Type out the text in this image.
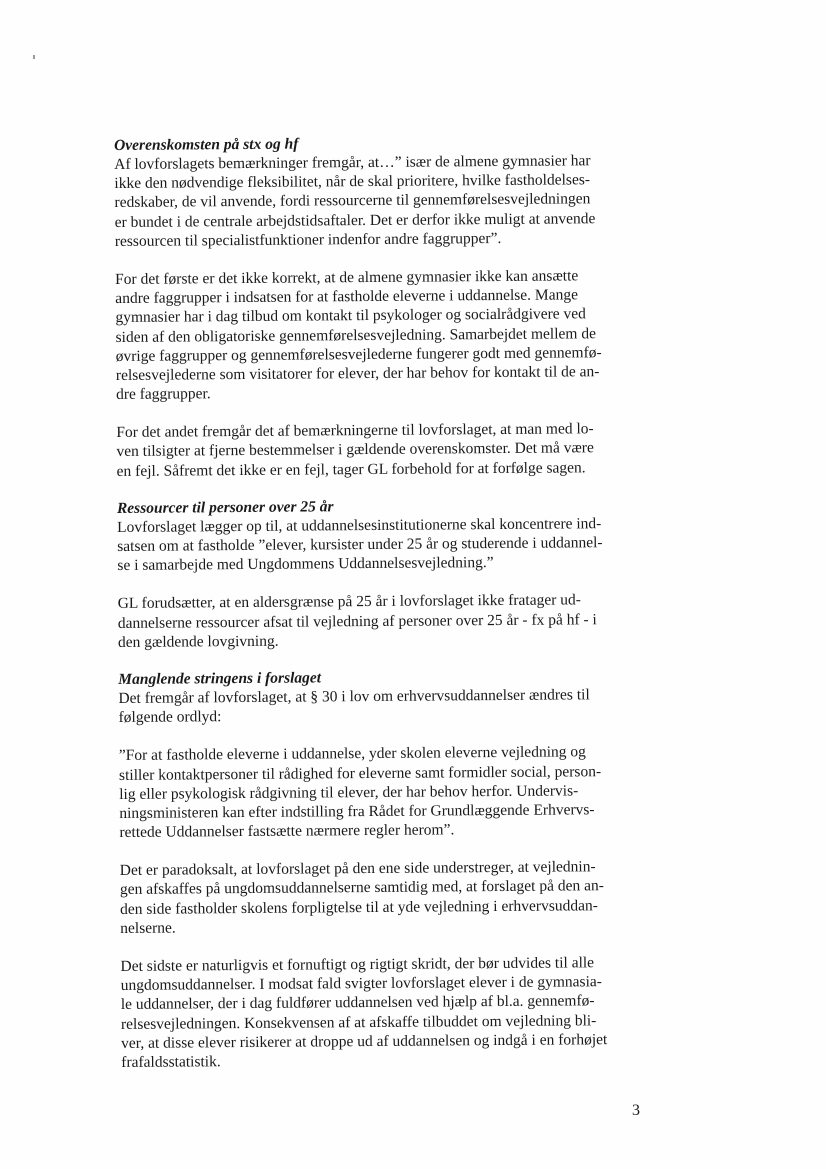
Overenskomsten på stx og hf

Af lovforslagets bemærkninger fremgår, at…” især de almene gymnasier har
ikke den nødvendige fleksibilitet, når de skal prioritere, hvilke fastholdelses-
redskaber, de vil anvende, fordi ressourcerne til gennemførelsesvejledningen
er bundet i de centrale arbejdstidsaftaler. Det er derfor ikke muligt at anvende
ressourcen til specialistfunktioner indenfor andre faggrupper”.

For det første er det ikke korrekt, at de almene gymnasier ikke kan ansætte
andre faggrupper i indsatsen for at fastholde eleverne i uddannelse. Mange
gymnasier har i dag tilbud om kontakt til psykologer og socialrådgivere ved
siden af den obligatoriske gennemførelsesvejledning. Samarbejdet mellem de
øvrige faggrupper og gennemførelsesvejlederne fungerer godt med gennemfø-
relsesvejlederne som visitatorer for elever, der har behov for kontakt til de an-
dre faggrupper.

For det andet fremgår det af bemærkningerne til lovforslaget, at man med lo-
ven tilsigter at fjerne bestemmelser i gældende overenskomster. Det må være
en fejl. Såfremt det ikke er en fejl, tager GL forbehold for at forfølge sagen.

Ressourcer til personer over 25 år

Lovforslaget lægger op til, at uddannelsesinstitutionerne skal koncentrere ind-
satsen om at fastholde ”elever, kursister under 25 år og studerende i uddannel-
se i samarbejde med Ungdommens Uddannelsesvejledning.”

GL forudsætter, at en aldersgrænse på 25 år i lovforslaget ikke fratager ud-
dannelserne ressourcer afsat til vejledning af personer over 25 år - fx på hf - i
den gældende lovgivning.

Manglende stringens i forslaget

Det fremgår af lovforslaget, at § 30 i lov om erhvervsuddannelser ændres til
følgende ordlyd:

”For at fastholde eleverne i uddannelse, yder skolen eleverne vejledning og
stiller kontaktpersoner til rådighed for eleverne samt formidler social, person-
lig eller psykologisk rådgivning til elever, der har behov herfor. Undervis-
ningsministeren kan efter indstilling fra Rådet for Grundlæggende Erhvervs-
rettede Uddannelser fastsætte nærmere regler herom”.

Det er paradoksalt, at lovforslaget på den ene side understreger, at vejlednin-
gen afskaffes på ungdomsuddannelserne samtidig med, at forslaget på den an-
den side fastholder skolens forpligtelse til at yde vejledning i erhvervsuddan-
nelserne.

Det sidste er naturligvis et fornuftigt og rigtigt skridt, der bør udvides til alle
ungdomsuddannelser. I modsat fald svigter lovforslaget elever i de gymnasia-
le uddannelser, der i dag fuldfører uddannelsen ved hjælp af bl.a. gennemfø-
relsesvejledningen. Konsekvensen af at afskaffe tilbuddet om vejledning bli-
ver, at disse elever risikerer at droppe ud af uddannelsen og indgå i en forhøjet
frafaldsstatistik.

3
